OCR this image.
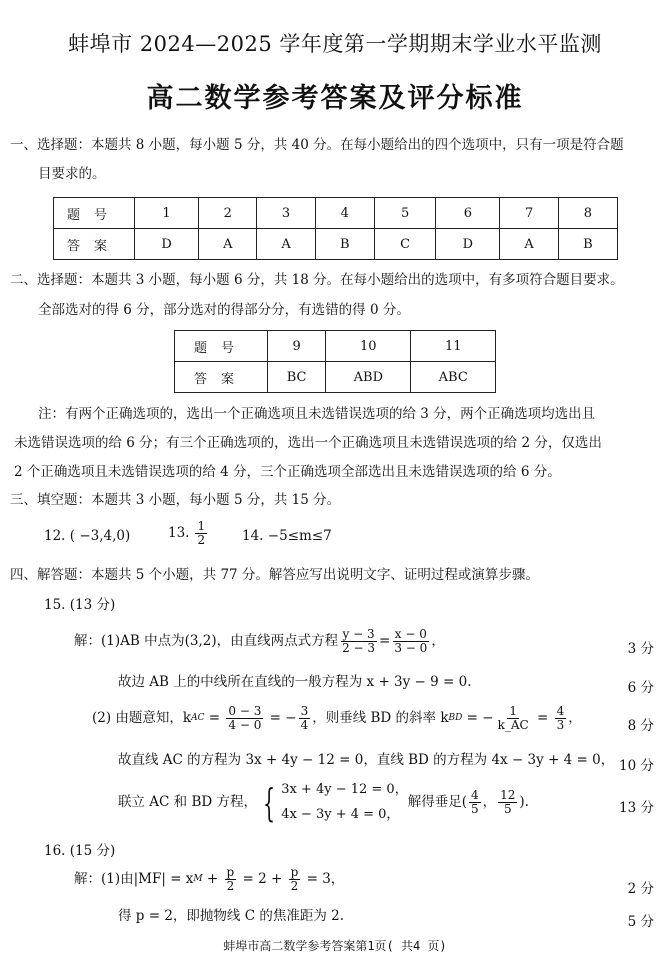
蚌埠市 2024—2025 学年度第一学期期末学业水平监测
高二数学参考答案及评分标准
一、选择题：本题共 8 小题，每小题 5 分，共 40 分。在每小题给出的四个选项中，只有一项是符合题
目要求的。
题号	1	2	3	4	5	6	7	8
答案	D	A	A	B	C	D	A	B
二、选择题：本题共 3 小题，每小题 6 分，共 18 分。在每小题给出的选项中，有多项符合题目要求。
全部选对的得 6 分，部分选对的得部分分，有选错的得 0 分。
题号	9	10	11
答案	BC	ABD	ABC
注：有两个正确选项的，选出一个正确选项且未选错误选项的给 3 分，两个正确选项均选出且
未选错误选项的给 6 分；有三个正确选项的，选出一个正确选项且未选错误选项的给 2 分，仅选出
2 个正确选项且未选错误选项的给 4 分，三个正确选项全部选出且未选错误选项的给 6 分。
三、填空题：本题共 3 小题，每小题 5 分，共 15 分。
12. ( −3,4,0)	13. $\frac{1}{2}$	14. −5≤m≤7
四、解答题：本题共 5 个小题，共 77 分。解答应写出说明文字、证明过程或演算步骤。
15. (13 分)
解：(1)AB 中点为(3,2)，由直线两点式方程 $\frac{y - 3}{2 - 3} = \frac{x - 0}{3 - 0}$ ，
3 分
故边 AB 上的中线所在直线的一般方程为 x + 3y − 9 = 0.	6 分
(2) 由题意知，k AC = $\frac{0 - 3}{4 - 0}$ = − $\frac{3}{4}$ ，则垂线 BD 的斜率 k BD = − $\frac{1}{k\_AC} = \frac{4}{3}$ ，
8 分
故直线 AC 的方程为 3x + 4y − 12 = 0，直线 BD 的方程为 4x − 3y + 4 = 0， 10 分
联立 AC 和 BD 方程， { 3x + 4y − 12 = 0，
4x − 3y + 4 = 0，
解得垂足( $\frac{4}{5}$ ， $\frac{12}{5}$ ).	13 分
16. (15 分)
解：(1)由|MF| = x $M + \frac{p}{2} = 2 + \frac{p}{2} = 3$，
2 分
得 p = 2，即抛物线 C 的焦准距为 2.	5 分
蚌埠市高二数学参考答案第1页( 共4 页)
